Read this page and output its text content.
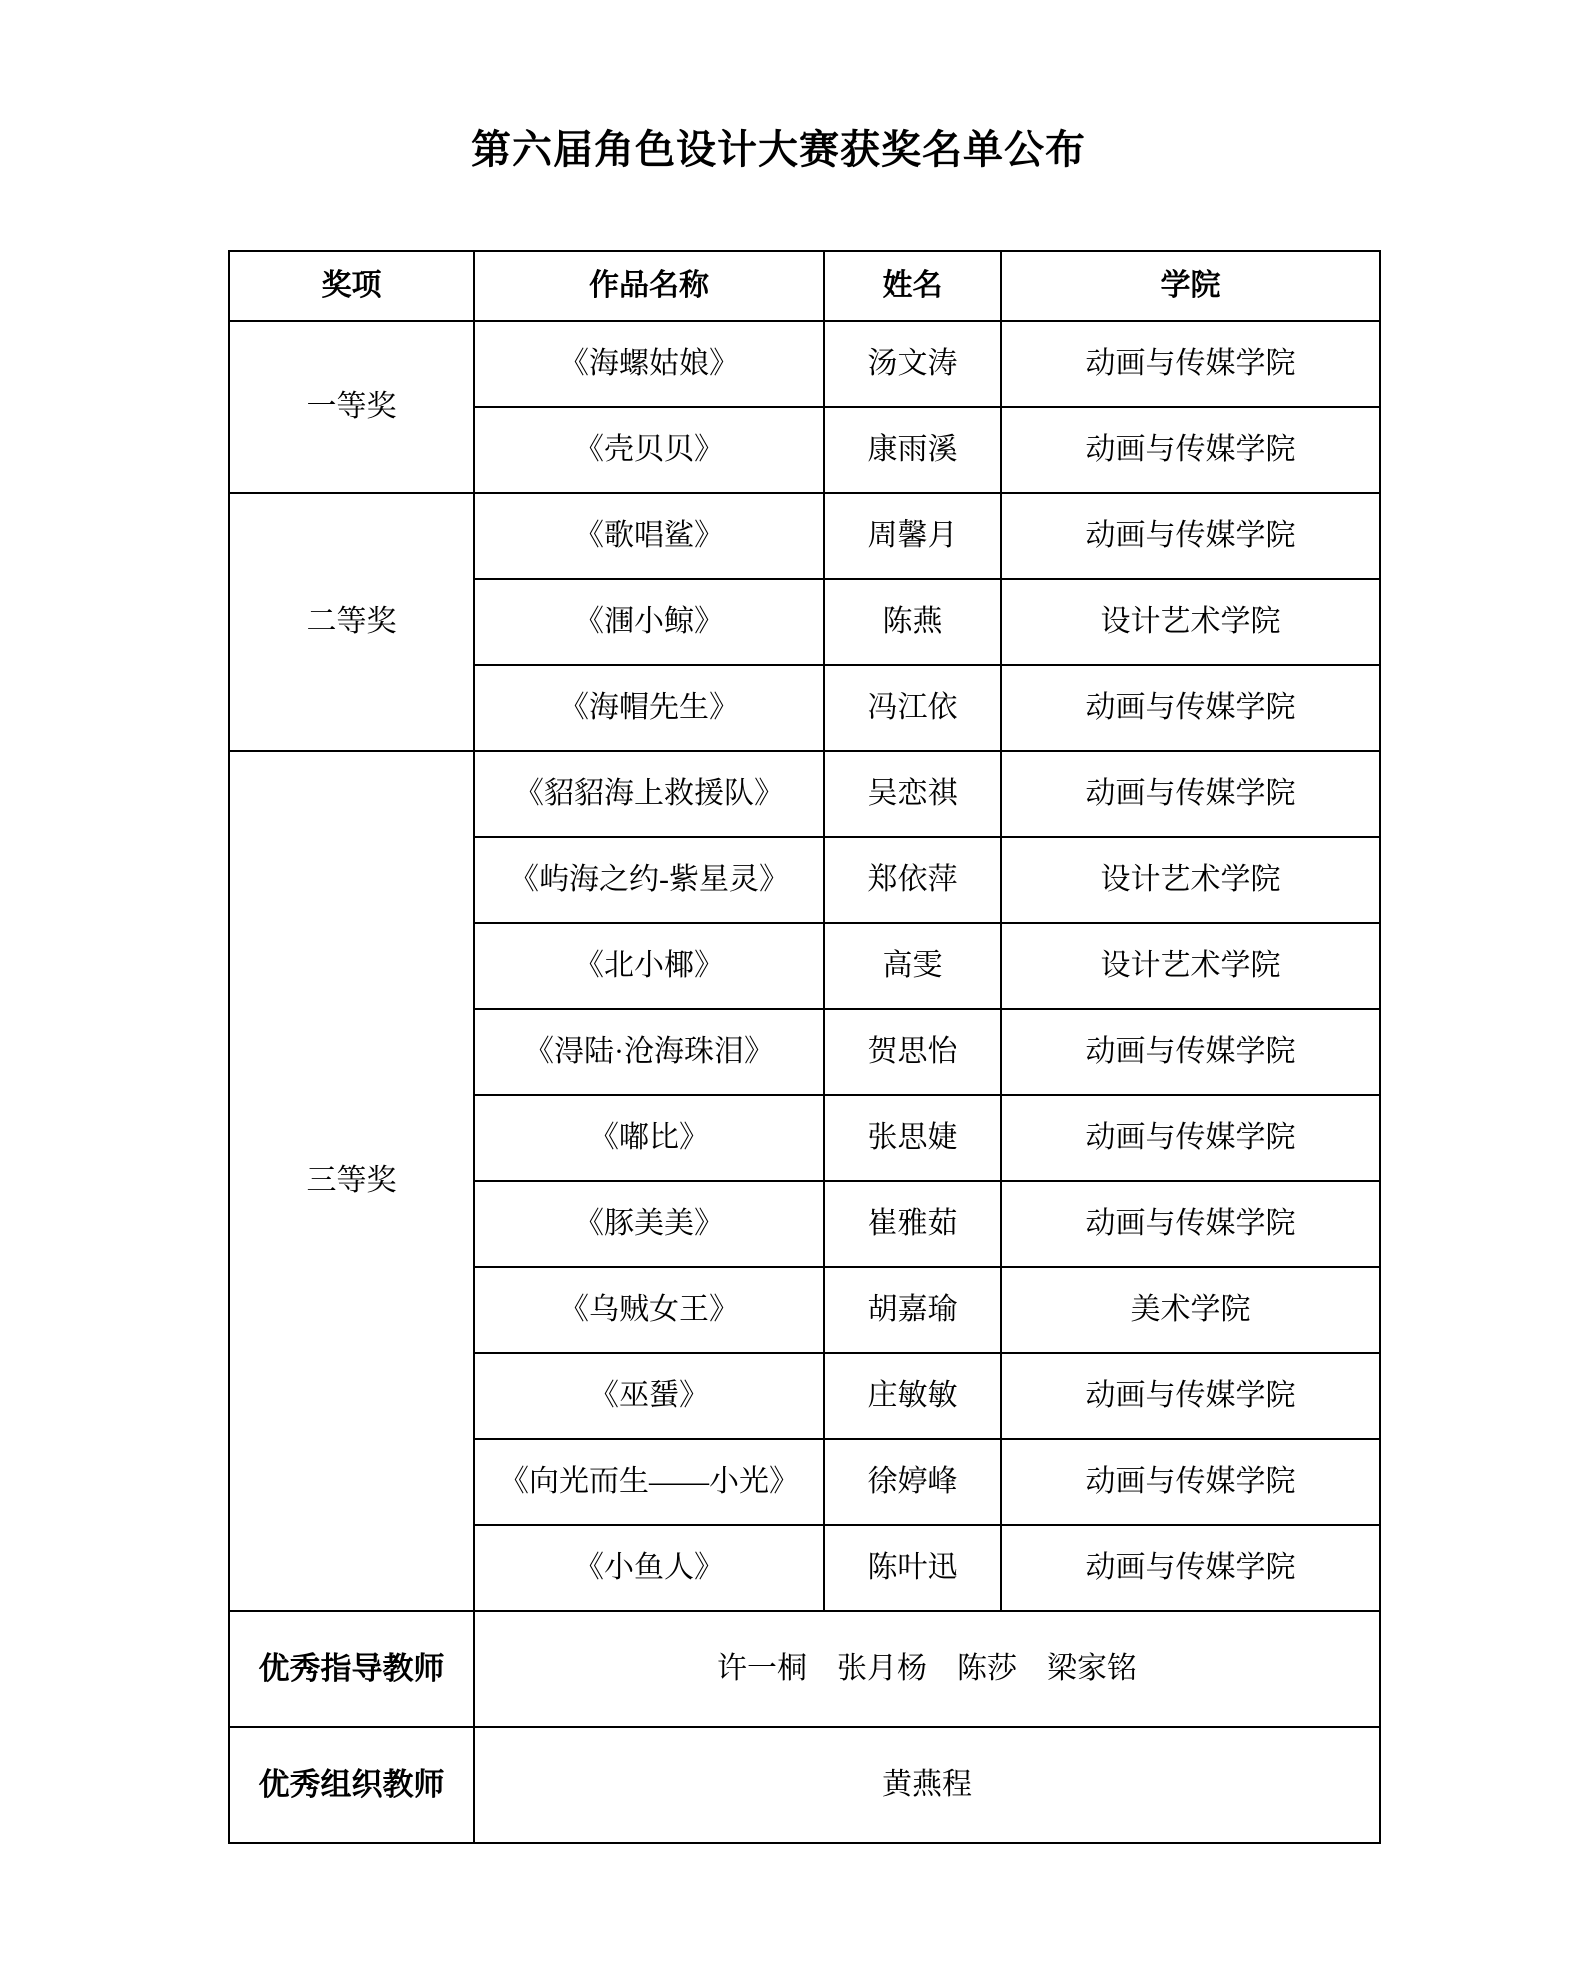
第六届角色设计大赛获奖名单公布
奖项	作品名称	姓名	学院
一等奖	《海螺姑娘》	汤文涛	动画与传媒学院
	《壳贝贝》	康雨溪	动画与传媒学院
二等奖	《歌唱鲨》	周馨月	动画与传媒学院
	《涠小鲸》	陈燕	设计艺术学院
	《海帽先生》	冯江依	动画与传媒学院
三等奖	《貂貂海上救援队》	吴恋祺	动画与传媒学院
	《屿海之约-紫星灵》	郑依萍	设计艺术学院
	《北小椰》	高雯	设计艺术学院
	《淂陆·沧海珠泪》	贺思怡	动画与传媒学院
	《嘟比》	张思婕	动画与传媒学院
	《豚美美》	崔雅茹	动画与传媒学院
	《乌贼女王》	胡嘉瑜	美术学院
	《巫蜑》	庄敏敏	动画与传媒学院
	《向光而生——小光》	徐婷峰	动画与传媒学院
	《小鱼人》	陈叶迅	动画与传媒学院
优秀指导教师	许一桐　张月杨　陈莎　梁家铭		
优秀组织教师	黄燕程		
